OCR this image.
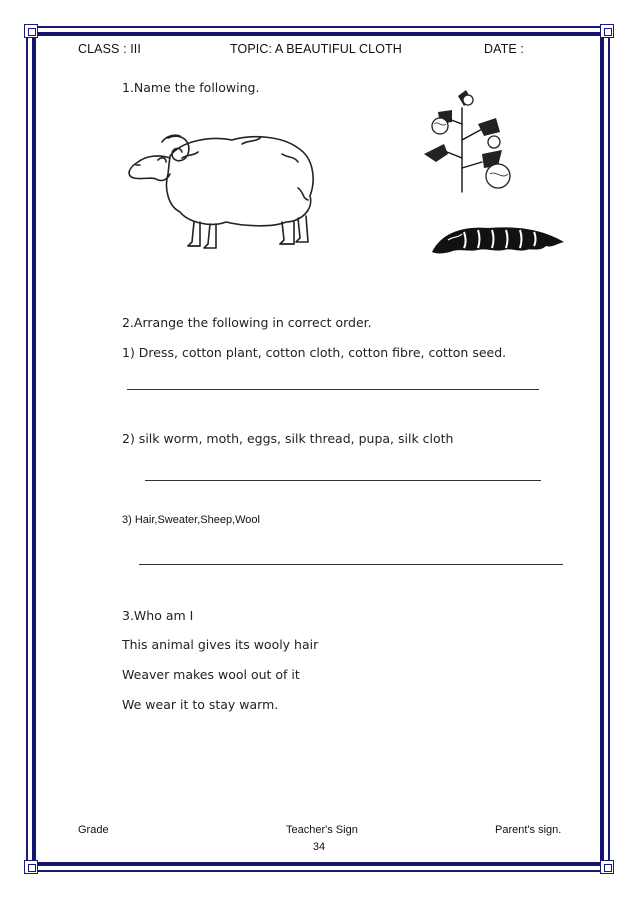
CLASS : III	TOPIC: A BEAUTIFUL CLOTH	DATE :
1.Name the following.
2.Arrange the following in correct order.
1) Dress, cotton plant, cotton cloth, cotton fibre, cotton seed.
2) silk worm, moth, eggs, silk thread, pupa, silk cloth
3) Hair,Sweater,Sheep,Wool
3.Who am I
This animal gives its wooly hair
Weaver makes wool out of it
We wear it to stay warm.
Grade	Teacher's Sign	Parent's sign.
34
